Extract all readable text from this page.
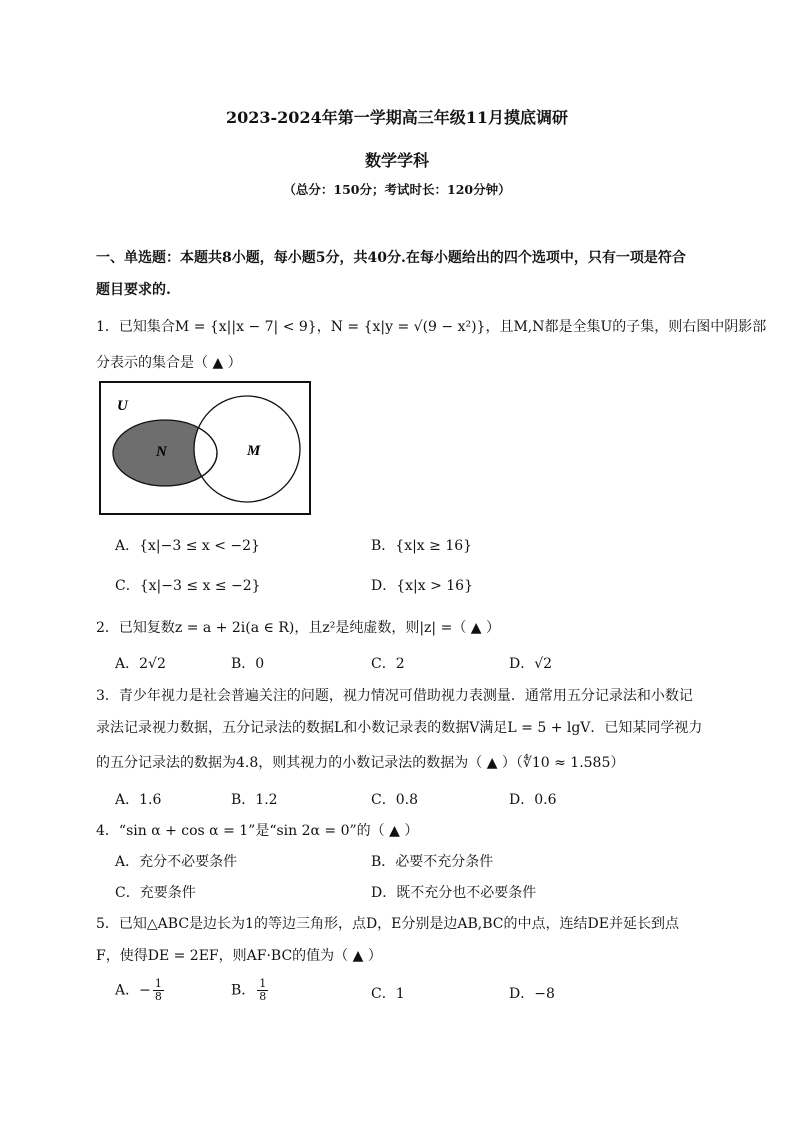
2023-2024年第一学期高三年级11月摸底调研
数学学科
（总分：150分；考试时长：120分钟）
一、单选题：本题共8小题，每小题5分，共40分.在每小题给出的四个选项中，只有一项是符合
题目要求的.
1．已知集合M = {x||x − 7| < 9}，N = {x|y = √(9 − x²)}，且M,N都是全集U的子集，则右图中阴影部
分表示的集合是（ ▲ ）
U
N	M
A．{x|−3 ≤ x < −2}	B．{x|x ≥ 16}
C．{x|−3 ≤ x ≤ −2}	D．{x|x > 16}
2．已知复数z = a + 2i(a ∈ R)，且z²是纯虚数，则|z| =（ ▲ ）
A．2√2	B．0	C．2	D．√2
3．青少年视力是社会普遍关注的问题，视力情况可借助视力表测量．通常用五分记录法和小数记
录法记录视力数据，五分记录法的数据L和小数记录表的数据V满足L = 5 + lgV．已知某同学视力
的五分记录法的数据为4.8，则其视力的小数记录法的数据为（ ▲ ）（∜10 ≈ 1.585）
A．1.6	B．1.2	C．0.8	D．0.6
4．“sin α + cos α = 1”是“sin 2α = 0”的（ ▲ ）
A．充分不必要条件	B．必要不充分条件
C．充要条件	D．既不充分也不必要条件
5．已知△ABC是边长为1的等边三角形，点D，E分别是边AB,BC的中点，连结DE并延长到点
F，使得DE = 2EF，则AF·BC的值为（ ▲ ）
A．− $\frac{1}{8}$	B． $\frac{1}{8}$	C．1	D．−8
